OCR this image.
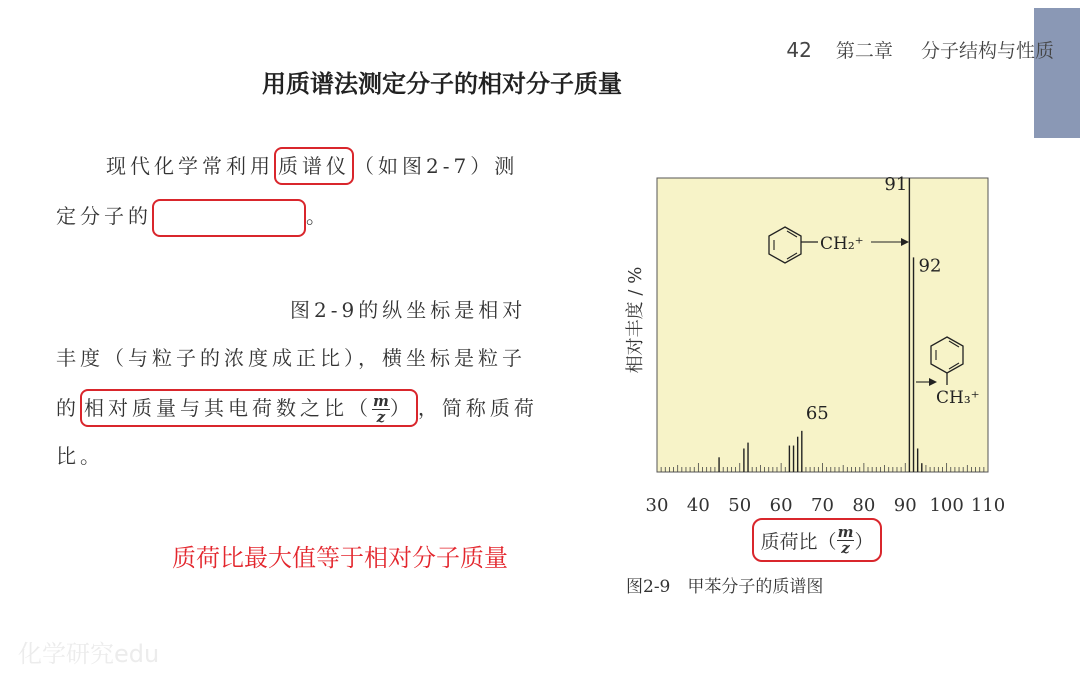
42 第二章 分子结构与性质
用质谱法测定分子的相对分子质量
现代化学常利用 质谱仪 （如图2-7）测
定分子的	。
图2-9的纵坐标是相对
丰度（与粒子的浓度成正比），横坐标是粒子
的 相对质量与其电荷数之比（ $\frac{m}{z}$ ） ，简称质荷
比。
质荷比最大值等于相对分子质量
化学研究edu
30 40 50 60 70 80 90 100 110
91
92
65
CH₂⁺
CH₃⁺
相对丰度 / %
质荷比（ $\frac{m}{z}$ ）
图2-9　甲苯分子的质谱图
